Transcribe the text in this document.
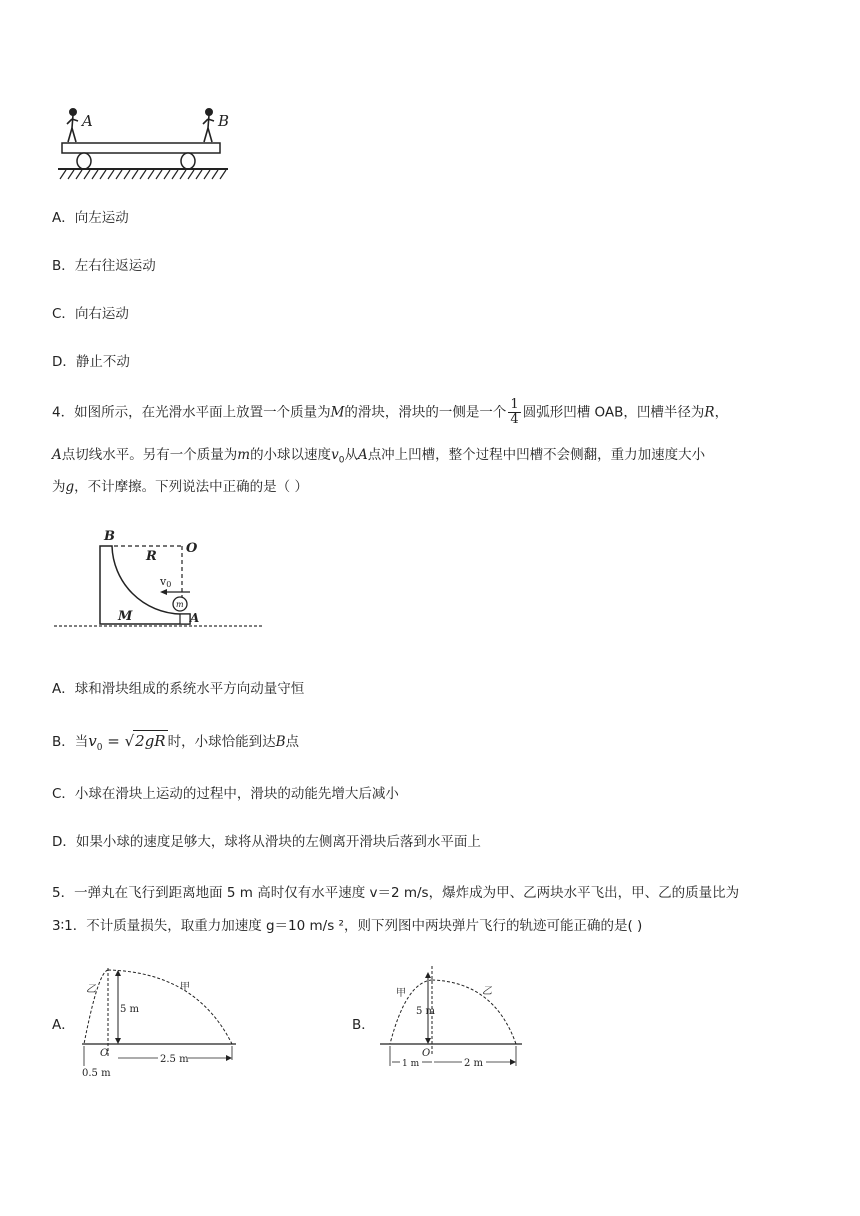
A	B
A．向左运动
B．左右往返运动
C．向右运动
D．静止不动
4．如图所示，在光滑水平面上放置一个质量为M的滑块，滑块的一侧是一个 $\frac{1}{4}$ 圆弧形凹槽 OAB，凹槽半径为R，
A点切线水平。另有一个质量为m的小球以速度$v_0$从A点冲上凹槽，整个过程中凹槽不会侧翻，重力加速度大小
为g，不计摩擦。下列说法中正确的是（ ）
m
B
R
O
v0
M	A
A．球和滑块组成的系统水平方向动量守恒
B．当$v_0 = √2gR$ 时，小球恰能到达B点
C．小球在滑块上运动的过程中，滑块的动能先增大后减小
D．如果小球的速度足够大，球将从滑块的左侧离开滑块后落到水平面上
5．一弹丸在飞行到距离地面 5 m 高时仅有水平速度 v＝2 m/s，爆炸成为甲、乙两块水平飞出，甲、乙的质量比为
3∶1．不计质量损失，取重力加速度 g＝10 m/s ²，则下列图中两块弹片飞行的轨迹可能正确的是( )
A．
5 m
乙	甲
O
2.5 m
0.5 m
B．
5 m
甲	乙
O
1 m	2 m
